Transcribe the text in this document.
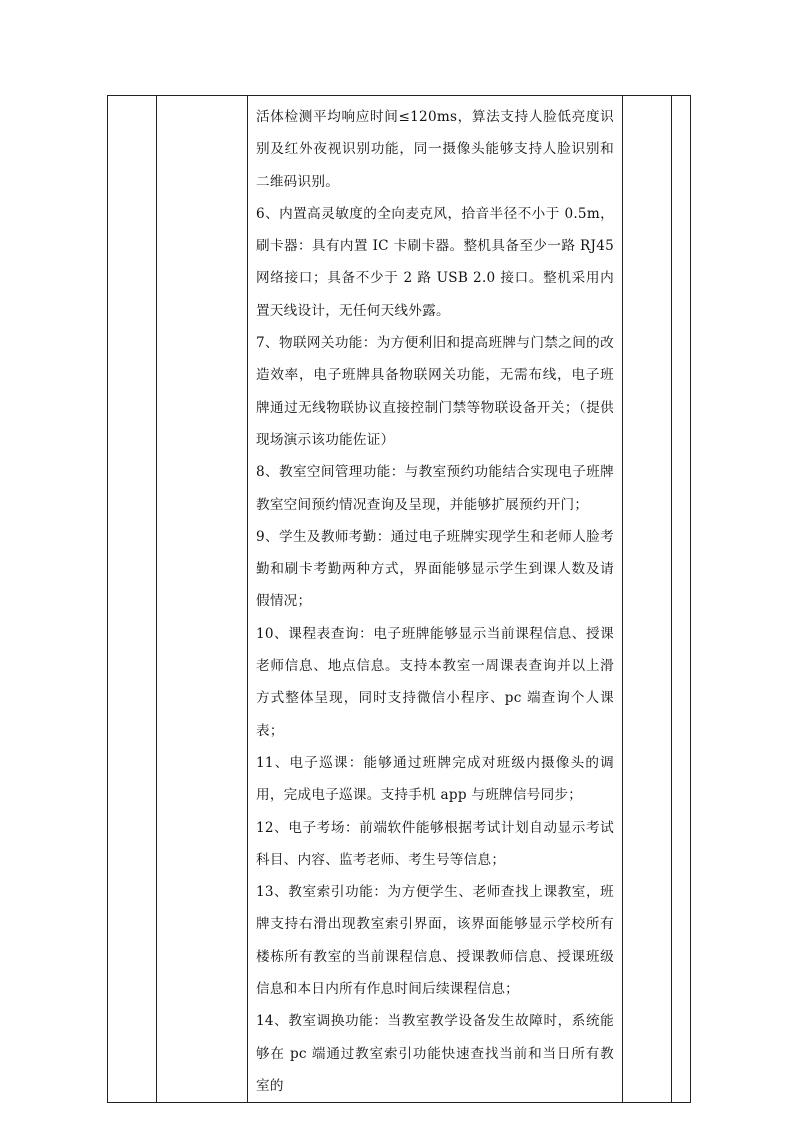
活体检测平均响应时间≤120ms，算法支持人脸低亮度识别及红外夜视识别功能，同一摄像头能够支持人脸识别和二维码识别。

6、内置高灵敏度的全向麦克风，拾音半径不小于 0.5m，刷卡器：具有内置 IC 卡刷卡器。整机具备至少一路 RJ45 网络接口；具备不少于 2 路 USB 2.0 接口。整机采用内置天线设计，无任何天线外露。

7、物联网关功能：为方便利旧和提高班牌与门禁之间的改造效率，电子班牌具备物联网关功能，无需布线，电子班牌通过无线物联协议直接控制门禁等物联设备开关；（提供现场演示该功能佐证）

8、教室空间管理功能：与教室预约功能结合实现电子班牌教室空间预约情况查询及呈现，并能够扩展预约开门；

9、学生及教师考勤：通过电子班牌实现学生和老师人脸考勤和刷卡考勤两种方式，界面能够显示学生到课人数及请假情况；

10、课程表查询：电子班牌能够显示当前课程信息、授课老师信息、地点信息。支持本教室一周课表查询并以上滑方式整体呈现，同时支持微信小程序、pc 端查询个人课表；

11、电子巡课：能够通过班牌完成对班级内摄像头的调用，完成电子巡课。支持手机 app 与班牌信号同步；

12、电子考场：前端软件能够根据考试计划自动显示考试科目、内容、监考老师、考生号等信息；

13、教室索引功能：为方便学生、老师查找上课教室，班牌支持右滑出现教室索引界面，该界面能够显示学校所有楼栋所有教室的当前课程信息、授课教师信息、授课班级信息和本日内所有作息时间后续课程信息；

14、教室调换功能：当教室教学设备发生故障时，系统能够在 pc 端通过教室索引功能快速查找当前和当日所有教室的
